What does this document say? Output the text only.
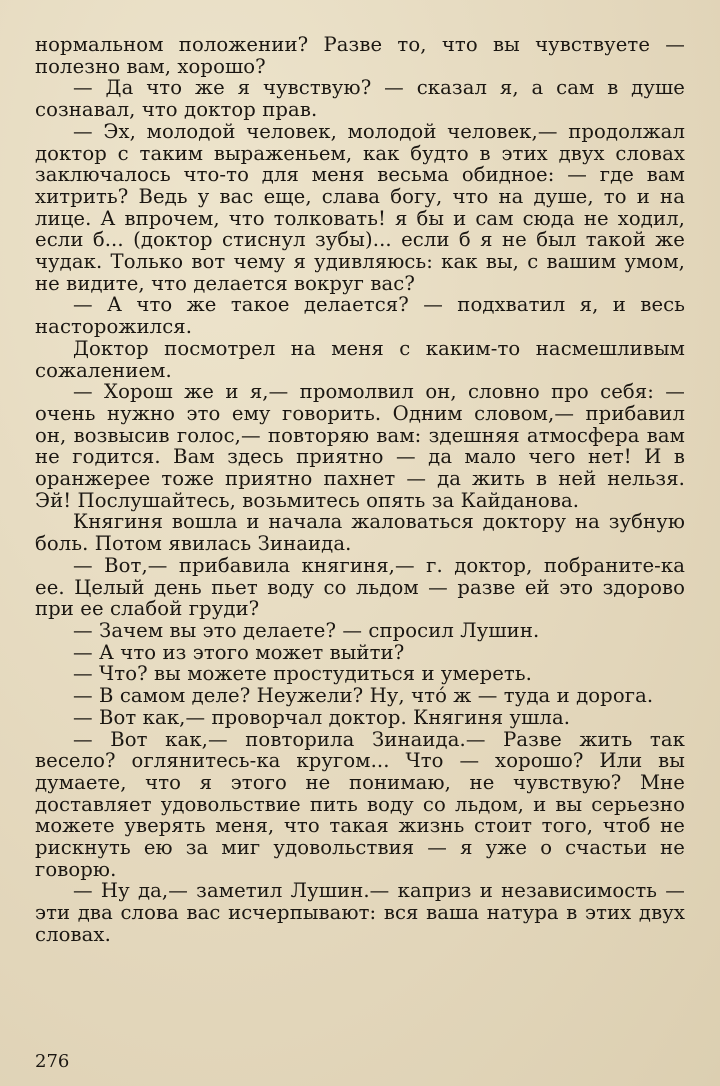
нормальном положении? Разве то, что вы чувствуете — полезно вам, хорошо?

— Да что же я чувствую? — сказал я, а сам в душе сознавал, что доктор прав.

— Эх, молодой человек, молодой человек,— продолжал доктор с таким выраженьем, как будто в этих двух словах заключалось что-то для меня весьма обидное: — где вам хитрить? Ведь у вас еще, слава богу, что на душе, то и на лице. А впрочем, что толковать! я бы и сам сюда не ходил, если б... (доктор стиснул зубы)... если б я не был такой же чудак. Только вот чему я удивляюсь: как вы, с вашим умом, не видите, что делается вокруг вас?

— А что же такое делается? — подхватил я, и весь насторожился.

Доктор посмотрел на меня с каким-то насмешливым сожалением.

— Хорош же и я,— промолвил он, словно про себя: — очень нужно это ему говорить. Одним словом,— прибавил он, возвысив голос,— повторяю вам: здешняя атмосфера вам не годится. Вам здесь приятно — да мало чего нет! И в оранжерее тоже приятно пахнет — да жить в ней нельзя. Эй! Послушайтесь, возьмитесь опять за Кайданова.

Княгиня вошла и начала жаловаться доктору на зубную боль. Потом явилась Зинаида.

— Вот,— прибавила княгиня,— г. доктор, побраните-ка ее. Целый день пьет воду со льдом — разве ей это здорово при ее слабой груди?

— Зачем вы это делаете? — спросил Лушин.

— А что из этого может выйти?

— Что? вы можете простудиться и умереть.

— В самом деле? Неужели? Ну, что́ ж — туда и дорога.

— Вот как,— проворчал доктор. Княгиня ушла.

— Вот как,— повторила Зинаида.— Разве жить так весело? оглянитесь-ка кругом... Что — хорошо? Или вы думаете, что я этого не понимаю, не чувствую? Мне доставляет удовольствие пить воду со льдом, и вы серьезно можете уверять меня, что такая жизнь стоит того, чтоб не рискнуть ею за миг удовольствия — я уже о счастьи не говорю.

— Ну да,— заметил Лушин.— каприз и независимость — эти два слова вас исчерпывают: вся ваша натура в этих двух словах.

276
